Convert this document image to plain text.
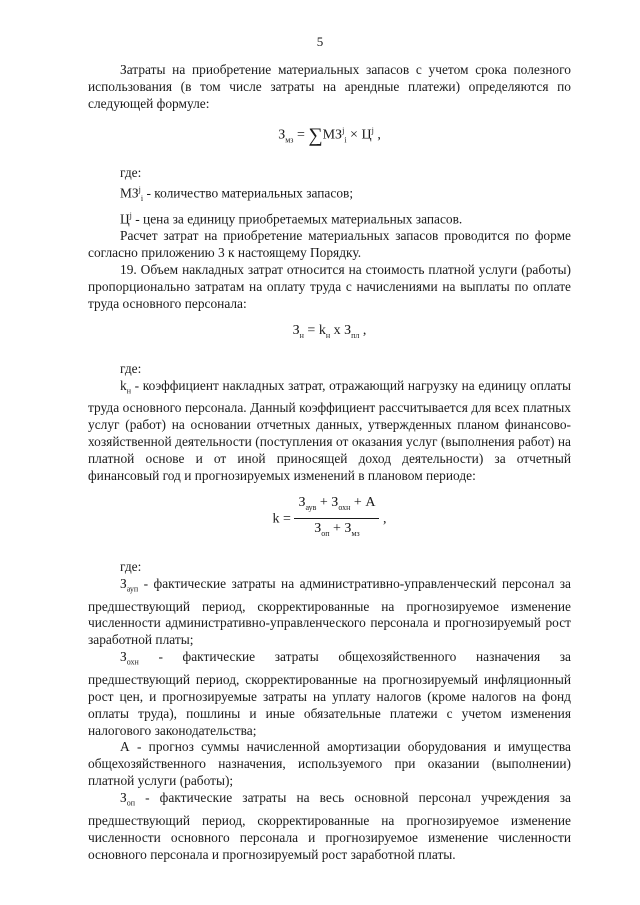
5

Затраты на приобретение материальных запасов с учетом срока полезного использования (в том числе затраты на арендные платежи) определяются по следующей формуле:

$З_{мз} = \sum МЗ^j_i \times Ц^j$ ,

где:

$МЗ^j_i$ - количество материальных запасов;

$Ц^j$ - цена за единицу приобретаемых материальных запасов.

Расчет затрат на приобретение материальных запасов проводится по форме согласно приложению 3 к настоящему Порядку.

19. Объем накладных затрат относится на стоимость платной услуги (работы) пропорционально затратам на оплату труда с начислениями на выплаты по оплате труда основного персонала:

$З_н = k_н$ х $З_{пл}$ ,

где:

$k_н$ - коэффициент накладных затрат, отражающий нагрузку на единицу оплаты труда основного персонала. Данный коэффициент рассчитывается для всех платных услуг (работ) на основании отчетных данных, утвержденных планом финансово-хозяйственной деятельности (поступления от оказания услуг (выполнения работ) на платной основе и от иной приносящей доход деятельности) за отчетный финансовый год и прогнозируемых изменений в плановом периоде:

$k = \frac{З_{аув} + З_{охн} + A}{З_{оп} + З_{мз}}$ ,

где:

$З_{ауп}$ - фактические затраты на административно-управленческий персонал за предшествующий период, скорректированные на прогнозируемое изменение численности административно-управленческого персонала и прогнозируемый рост заработной платы;

$З_{охн}$ - фактические затраты общехозяйственного назначения за предшествующий период, скорректированные на прогнозируемый инфляционный рост цен, и прогнозируемые затраты на уплату налогов (кроме налогов на фонд оплаты труда), пошлины и иные обязательные платежи с учетом изменения налогового законодательства;

А - прогноз суммы начисленной амортизации оборудования и имущества общехозяйственного назначения, используемого при оказании (выполнении) платной услуги (работы);

$З_{оп}$ - фактические затраты на весь основной персонал учреждения за предшествующий период, скорректированные на прогнозируемое изменение численности основного персонала и прогнозируемое изменение численности основного персонала и прогнозируемый рост заработной платы.
